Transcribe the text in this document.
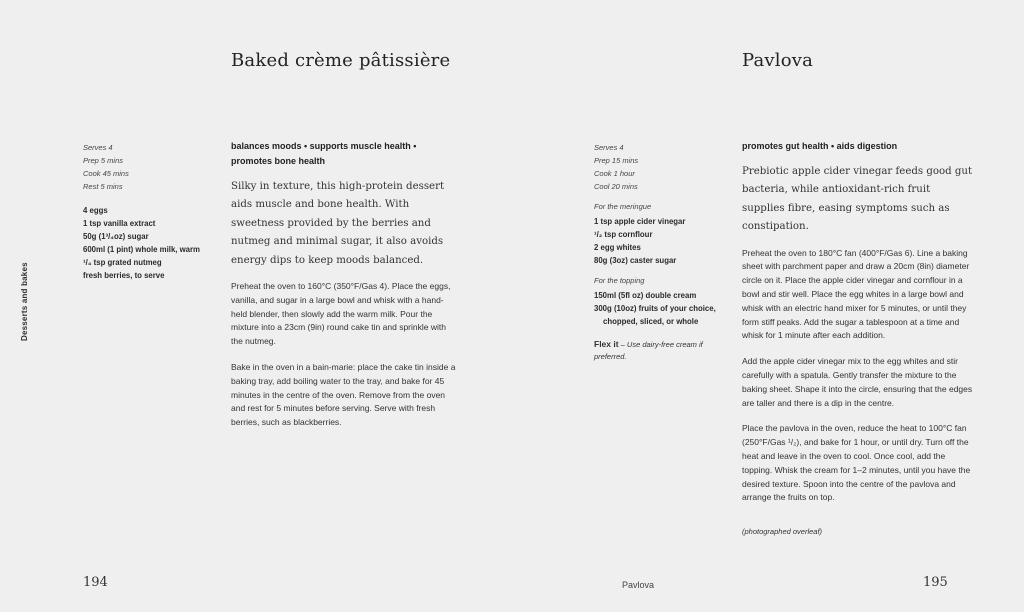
Baked crème pâtissière
Desserts and bakes
Serves 4
Prep 5 mins
Cook 45 mins
Rest 5 mins
4 eggs
1 tsp vanilla extract
50g (1³/₄oz) sugar
600ml (1 pint) whole milk, warm
¹/₄ tsp grated nutmeg
fresh berries, to serve
balances moods • supports muscle health • promotes bone health
Silky in texture, this high-protein dessert aids muscle and bone health. With sweetness provided by the berries and nutmeg and minimal sugar, it also avoids energy dips to keep moods balanced.

Preheat the oven to 160°C (350°F/Gas 4). Place the eggs, vanilla, and sugar in a large bowl and whisk with a hand-held blender, then slowly add the warm milk. Pour the mixture into a 23cm (9in) round cake tin and sprinkle with the nutmeg.

Bake in the oven in a bain-marie: place the cake tin inside a baking tray, add boiling water to the tray, and bake for 45 minutes in the centre of the oven. Remove from the oven and rest for 5 minutes before serving. Serve with fresh berries, such as blackberries.

194
Pavlova
Serves 4
Prep 15 mins
Cook 1 hour
Cool 20 mins
For the meringue
1 tsp apple cider vinegar
¹/₂ tsp cornflour
2 egg whites
80g (3oz) caster sugar
For the topping
150ml (5fl oz) double cream
300g (10oz) fruits of your choice, chopped, sliced, or whole
Flex it – Use dairy-free cream if preferred.
promotes gut health • aids digestion
Prebiotic apple cider vinegar feeds good gut bacteria, while antioxidant-rich fruit supplies fibre, easing symptoms such as constipation.

Preheat the oven to 180°C fan (400°F/Gas 6). Line a baking sheet with parchment paper and draw a 20cm (8in) diameter circle on it. Place the apple cider vinegar and cornflour in a bowl and stir well. Place the egg whites in a large bowl and whisk with an electric hand mixer for 5 minutes, or until they form stiff peaks. Add the sugar a tablespoon at a time and whisk for 1 minute after each addition.

Add the apple cider vinegar mix to the egg whites and stir carefully with a spatula. Gently transfer the mixture to the baking sheet. Shape it into the circle, ensuring that the edges are taller and there is a dip in the centre.

Place the pavlova in the oven, reduce the heat to 100°C fan (250°F/Gas ¹/₂), and bake for 1 hour, or until dry. Turn off the heat and leave in the oven to cool. Once cool, add the topping. Whisk the cream for 1–2 minutes, until you have the desired texture. Spoon into the centre of the pavlova and arrange the fruits on top.

(photographed overleaf)
Pavlova	195
